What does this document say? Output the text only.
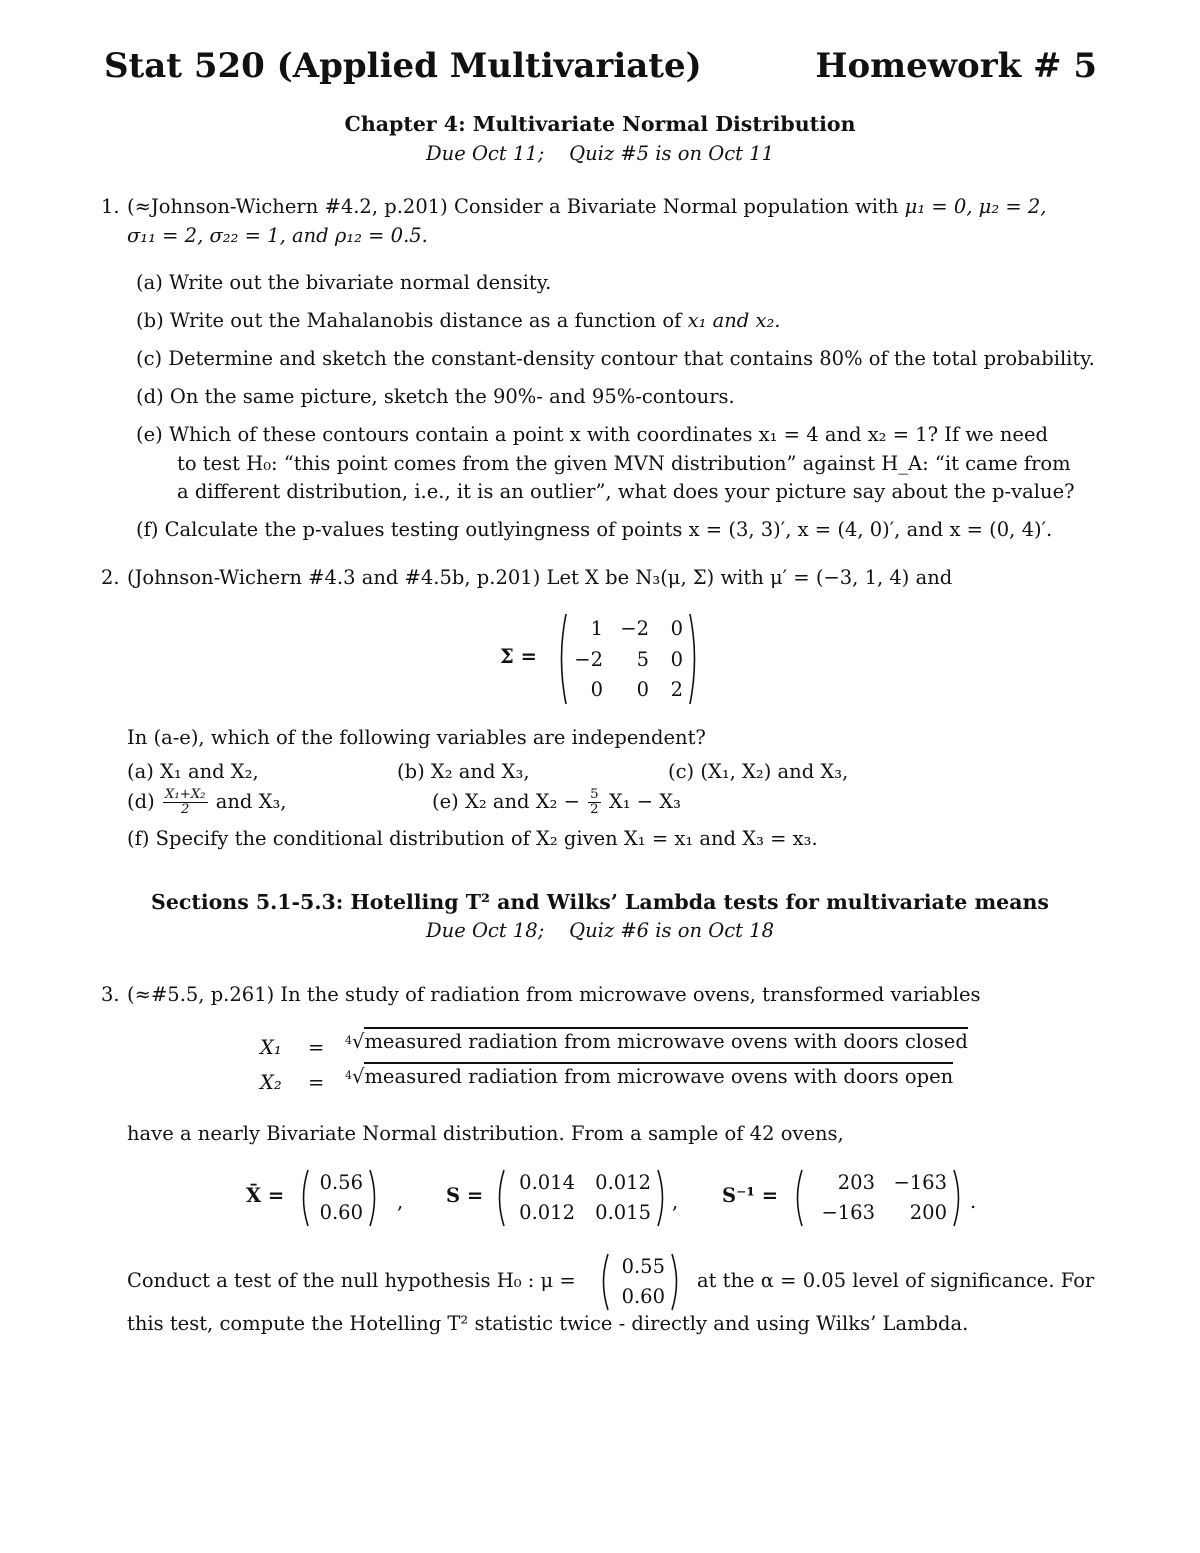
Stat 520 (Applied Multivariate)	Homework # 5
Chapter 4: Multivariate Normal Distribution
Due Oct 11; Quiz #5 is on Oct 11
1. (≈Johnson-Wichern #4.2, p.201) Consider a Bivariate Normal population with μ₁ = 0, μ₂ = 2,
σ₁₁ = 2, σ₂₂ = 1, and ρ₁₂ = 0.5.
(a) Write out the bivariate normal density.
(b) Write out the Mahalanobis distance as a function of x₁ and x₂.
(c) Determine and sketch the constant-density contour that contains 80% of the total probability.
(d) On the same picture, sketch the 90%- and 95%-contours.
(e) Which of these contours contain a point x with coordinates x₁ = 4 and x₂ = 1? If we need
to test H₀: “this point comes from the given MVN distribution” against H_A: “it came from
a different distribution, i.e., it is an outlier”, what does your picture say about the p-value?
(f) Calculate the p-values testing outlyingness of points x = (3, 3)′, x = (4, 0)′, and x = (0, 4)′.
2. (Johnson-Wichern #4.3 and #4.5b, p.201) Let X be N₃(μ, Σ) with μ′ = (−3, 1, 4) and
Σ =
1 −2	0
−2	5	0
0	0	2
In (a-e), which of the following variables are independent?
(a) X₁ and X₂,	(b) X₂ and X₃,	(c) (X₁, X₂) and X₃,
$(d) \frac{\text{X₁+X₂}}{2}$ and X₃,	(e) X₂ and $X_2 - \frac{5}{2} X_1 - X_3$
(f) Specify the conditional distribution of X₂ given X₁ = x₁ and X₃ = x₃.
Sections 5.1-5.3: Hotelling T² and Wilks’ Lambda tests for multivariate means
Due Oct 18; Quiz #6 is on Oct 18
3. (≈#5.5, p.261) In the study of radiation from microwave ovens, transformed variables
X₁ = $^4$√measured radiation from microwave ovens with doors closed
X₂ = $^4$√measured radiation from microwave ovens with doors open
have a nearly Bivariate Normal distribution. From a sample of 42 ovens,
X̄ =
0.56
0.60 , S =
0.014	0.012
0.012	0.015 , S⁻¹ =
203 −163
−163	200 .
Conduct a test of the null hypothesis H₀ : μ =
0.55
0.60
at the α = 0.05 level of significance. For
this test, compute the Hotelling T² statistic twice - directly and using Wilks’ Lambda.
